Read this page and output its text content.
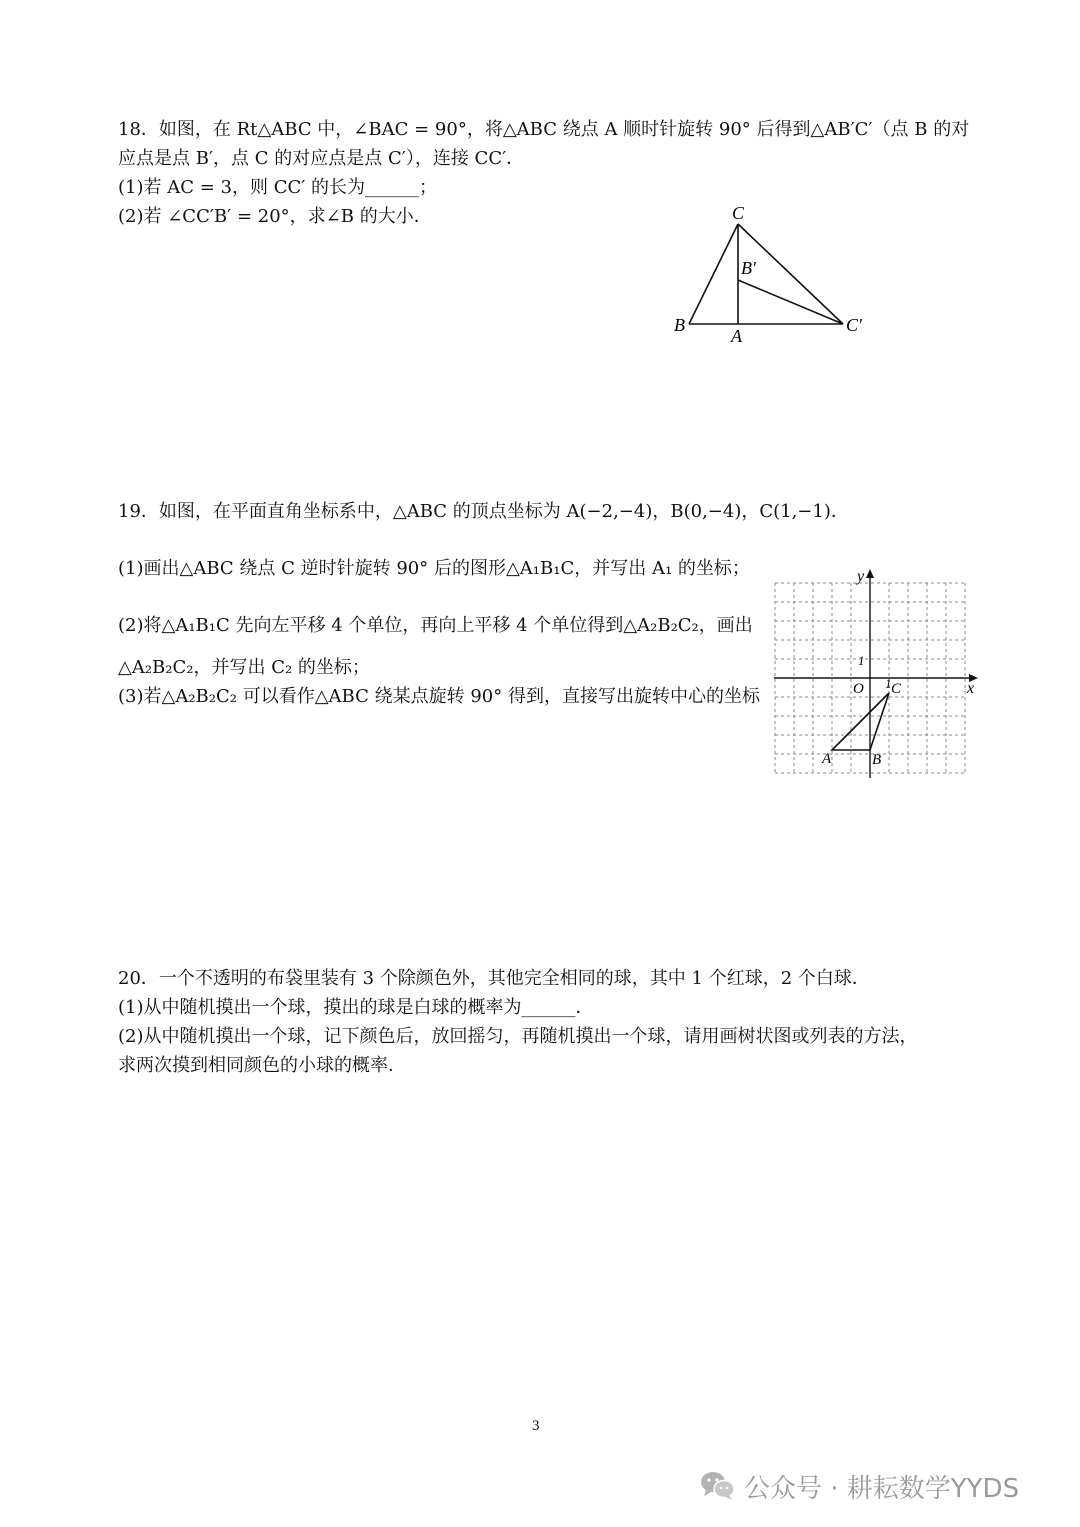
18．如图，在 Rt△ABC 中，∠BAC = 90°，将△ABC 绕点 A 顺时针旋转 90° 后得到△AB′C′（点 B 的对
应点是点 B′，点 C 的对应点是点 C′），连接 CC′．
(1)若 AC = 3，则 CC′ 的长为______；
(2)若 ∠CC′B′ = 20°，求∠B 的大小．	C
B′
B
A
C′
19．如图，在平面直角坐标系中，△ABC 的顶点坐标为 A(−2,−4)，B(0,−4)，C(1,−1)．
(1)画出△ABC 绕点 C 逆时针旋转 90° 后的图形△A₁B₁C，并写出 A₁ 的坐标；
(2)将△A₁B₁C 先向左平移 4 个单位，再向上平移 4 个单位得到△A₂B₂C₂，画出
△A₂B₂C₂，并写出 C₂ 的坐标；
(3)若△A₂B₂C₂ 可以看作△ABC 绕某点旋转 90° 得到，直接写出旋转中心的坐标
y
x
O
1
1 C
A	B
20．一个不透明的布袋里装有 3 个除颜色外，其他完全相同的球，其中 1 个红球，2 个白球．
(1)从中随机摸出一个球，摸出的球是白球的概率为______．
(2)从中随机摸出一个球，记下颜色后，放回摇匀，再随机摸出一个球，请用画树状图或列表的方法，
求两次摸到相同颜色的小球的概率．
3
公众号 · 耕耘数学YYDS
